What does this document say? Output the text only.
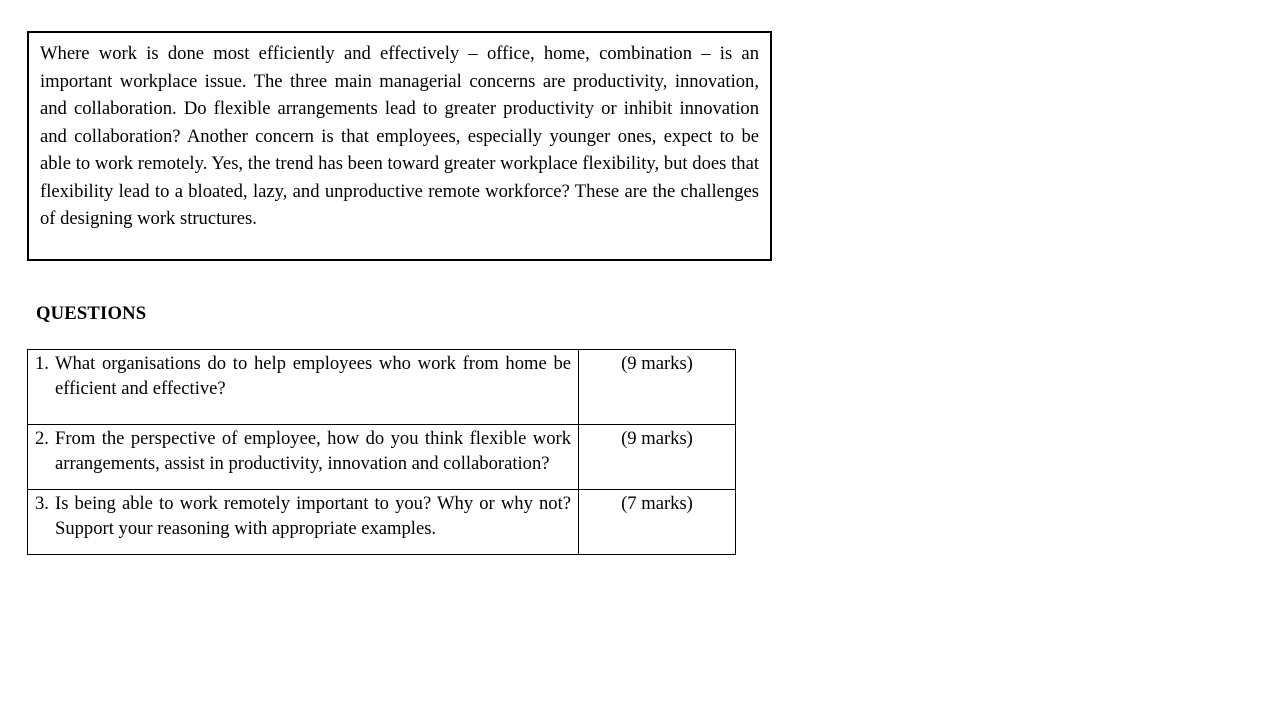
Where work is done most efficiently and effectively – office, home, combination – is an important workplace issue. The three main managerial concerns are productivity, innovation, and collaboration. Do flexible arrangements lead to greater productivity or inhibit innovation and collaboration? Another concern is that employees, especially younger ones, expect to be able to work remotely. Yes, the trend has been toward greater workplace flexibility, but does that flexibility lead to a bloated, lazy, and unproductive remote workforce? These are the challenges of designing work structures.

QUESTIONS
1. What organisations do to help employees who work from home be efficient and effective?	(9 marks)

2. From the perspective of employee, how do you think flexible work arrangements, assist in productivity, innovation and collaboration?	(9 marks)

3. Is being able to work remotely important to you? Why or why not? Support your reasoning with appropriate examples.	(7 marks)
